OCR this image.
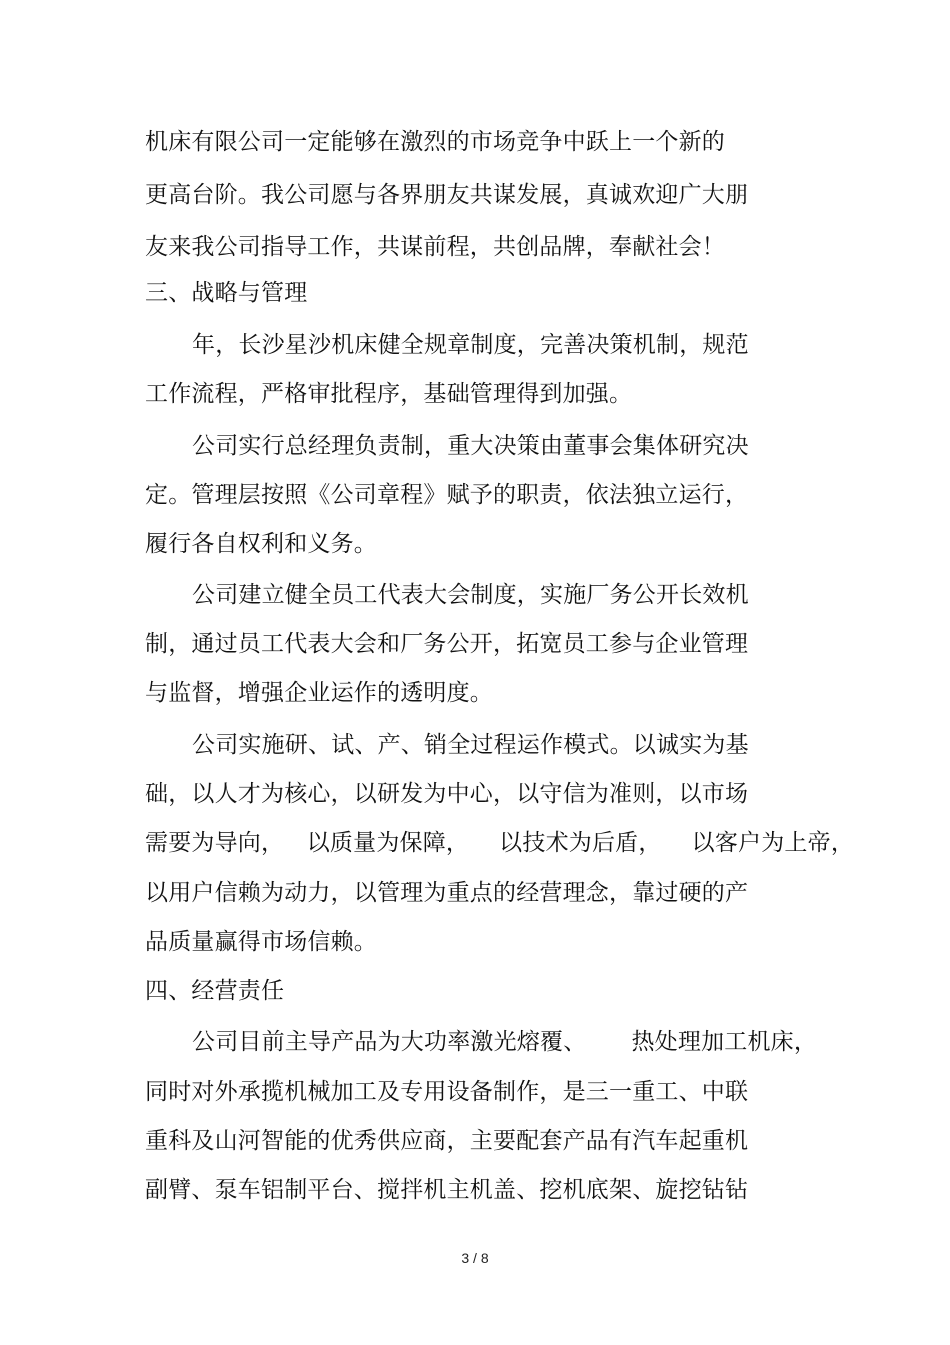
机床有限公司一定能够在激烈的市场竞争中跃上一个新的
更高台阶。我公司愿与各界朋友共谋发展，真诚欢迎广大朋
友来我公司指导工作，共谋前程，共创品牌，奉献社会！
三、战略与管理
年，长沙星沙机床健全规章制度，完善决策机制，规范
工作流程，严格审批程序，基础管理得到加强。
公司实行总经理负责制，重大决策由董事会集体研究决
定。管理层按照《公司章程》赋予的职责，依法独立运行，
履行各自权利和义务。
公司建立健全员工代表大会制度，实施厂务公开长效机
制，通过员工代表大会和厂务公开，拓宽员工参与企业管理
与监督，增强企业运作的透明度。
公司实施研、试、产、销全过程运作模式。以诚实为基
础，以人才为核心，以研发为中心，以守信为准则，以市场
需要为导向，   以质量为保障，    以技术为后盾，    以客户为上帝，
以用户信赖为动力，以管理为重点的经营理念，靠过硬的产
品质量赢得市场信赖。
四、经营责任
公司目前主导产品为大功率激光熔覆、      热处理加工机床，
同时对外承揽机械加工及专用设备制作，是三一重工、中联
重科及山河智能的优秀供应商，主要配套产品有汽车起重机
副臂、泵车铝制平台、搅拌机主机盖、挖机底架、旋挖钻钻
3 / 8
